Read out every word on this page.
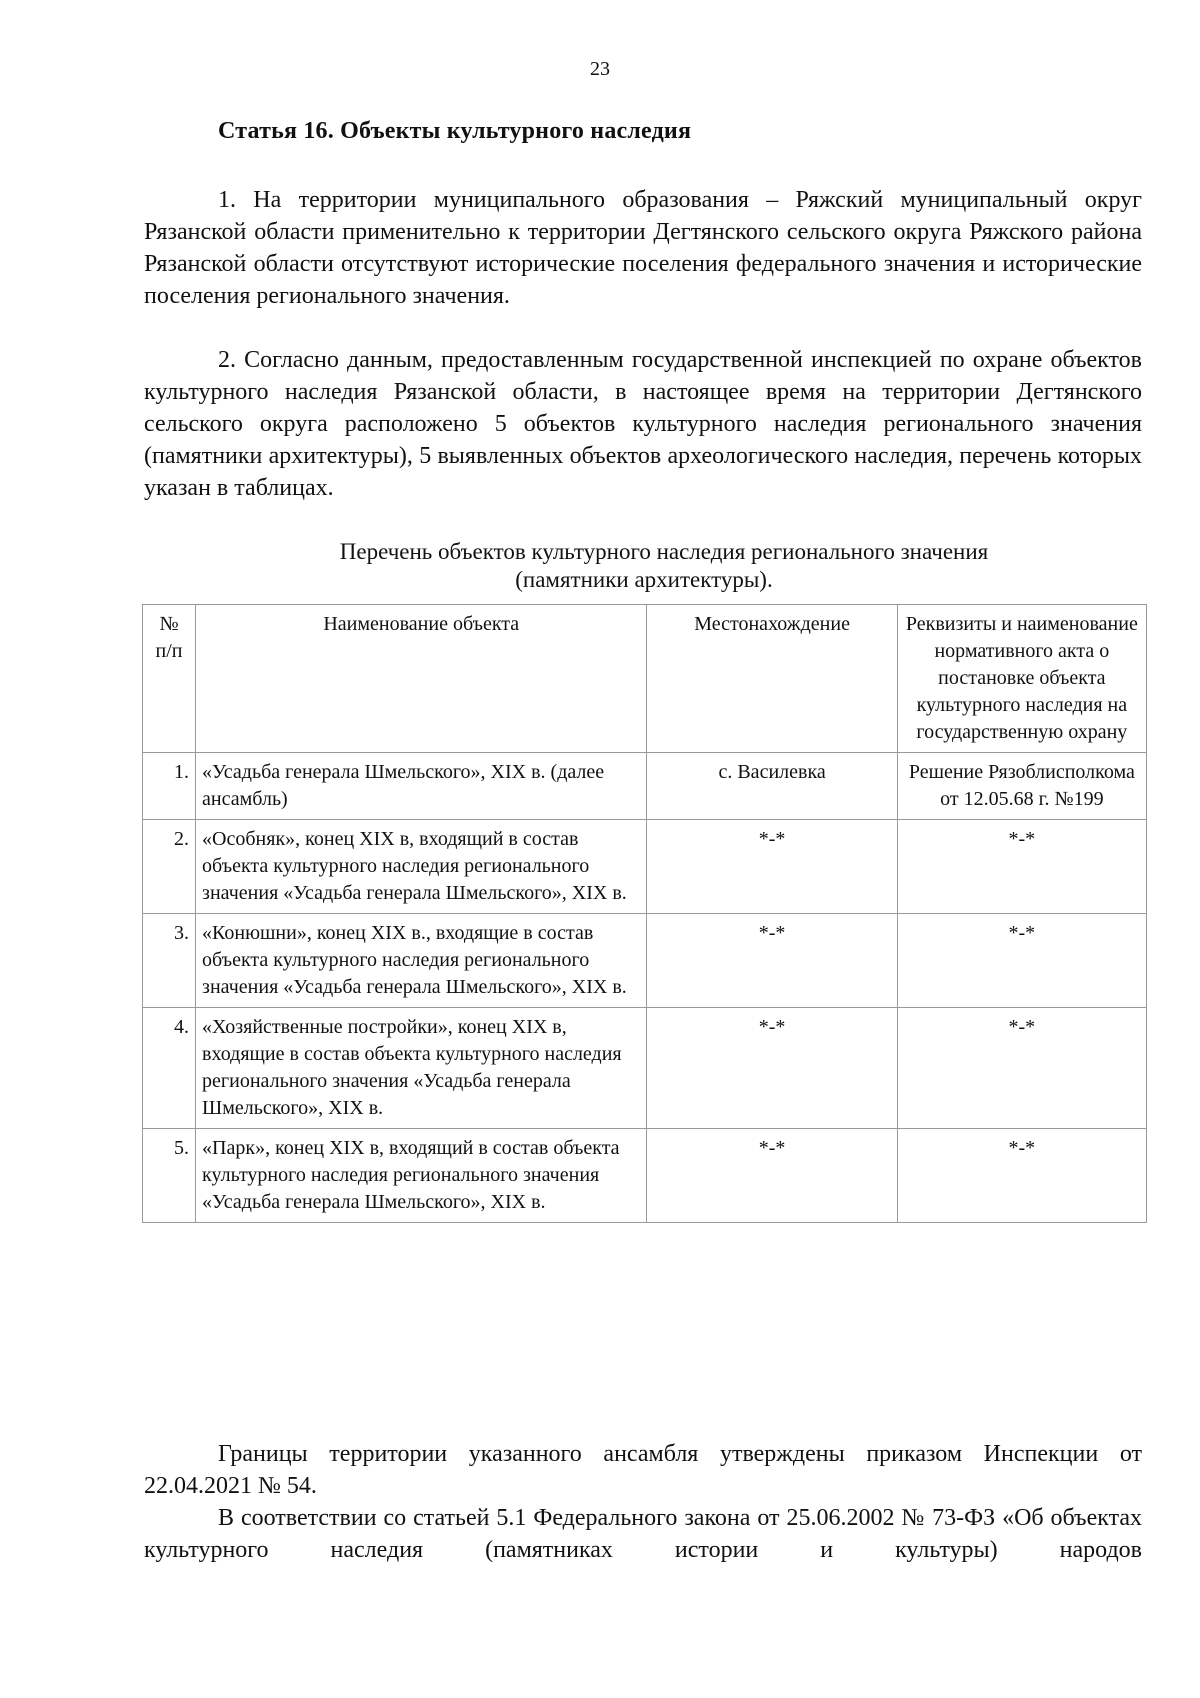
23
Статья 16. Объекты культурного наследия

1. На территории муниципального образования – Ряжский муниципальный округ Рязанской области применительно к территории Дегтянского сельского округа Ряжского района Рязанской области отсутствуют исторические поселения федерального значения и исторические поселения регионального значения.

2. Согласно данным, предоставленным государственной инспекцией по охране объектов культурного наследия Рязанской области, в настоящее время на территории Дегтянского сельского округа расположено 5 объектов культурного наследия регионального значения (памятники архитектуры), 5 выявленных объектов археологического наследия, перечень которых указан в таблицах.

Перечень объектов культурного наследия регионального значения
(памятники архитектуры).
№ п/п	Наименование объекта	Местонахождение	Реквизиты и наименование нормативного акта о постановке объекта культурного наследия на государственную охрану
1.	«Усадьба генерала Шмельского», XIX в. (далее ансамбль)	с. Василевка	Решение Рязоблисполкома от 12.05.68 г. №199
2.	«Особняк», конец XIX в, входящий в состав объекта культурного наследия регионального значения «Усадьба генерала Шмельского», XIX в.	*-*	*-*
3.	«Конюшни», конец XIX в., входящие в состав объекта культурного наследия регионального значения «Усадьба генерала Шмельского», XIX в.	*-*	*-*
4.	«Хозяйственные постройки», конец XIX в, входящие в состав объекта культурного наследия регионального значения «Усадьба генерала Шмельского», XIX в.	*-*	*-*
5.	«Парк», конец XIX в, входящий в состав объекта культурного наследия регионального значения «Усадьба генерала Шмельского», XIX в.	*-*	*-*

Границы территории указанного ансамбля утверждены приказом Инспекции от 22.04.2021 № 54.

В соответствии со статьей 5.1 Федерального закона от 25.06.2002 № 73-ФЗ «Об объектах культурного наследия (памятниках истории и культуры) народов
